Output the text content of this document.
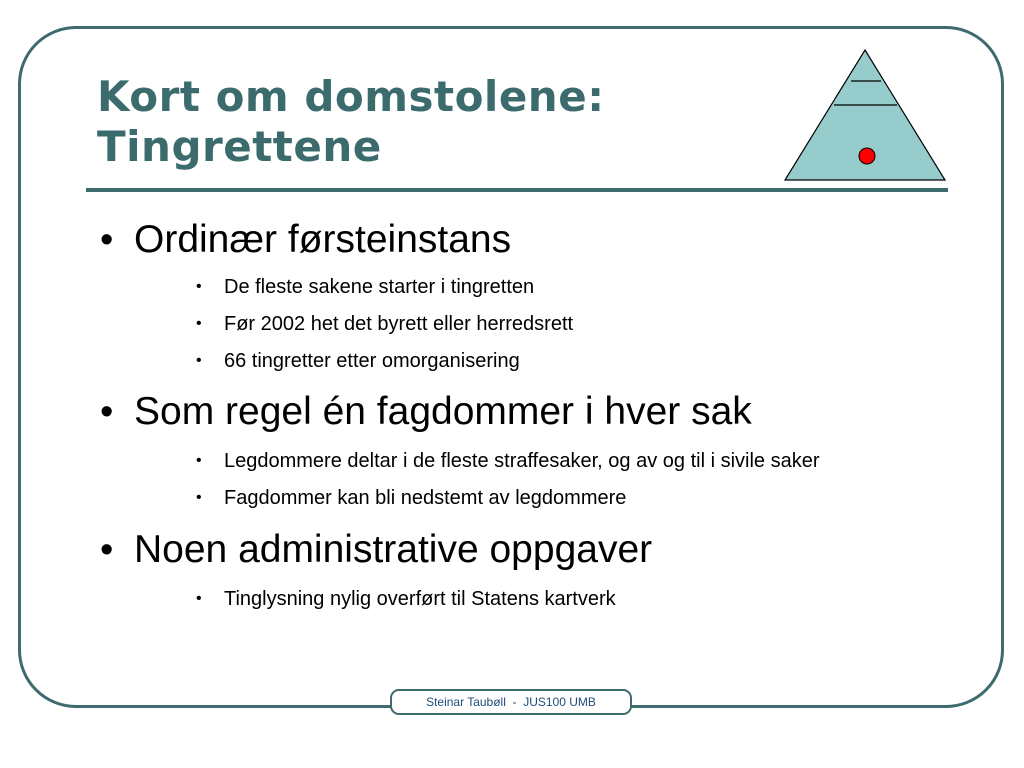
Kort om domstolene:
Tingrettene
• Ordinær førsteinstans
• De fleste sakene starter i tingretten
• Før 2002 het det byrett eller herredsrett
• 66 tingretter etter omorganisering
• Som regel én fagdommer i hver sak
• Legdommere deltar i de fleste straffesaker, og av og til i sivile saker
• Fagdommer kan bli nedstemt av legdommere
• Noen administrative oppgaver
• Tinglysning nylig overført til Statens kartverk
Steinar Taubøll  -  JUS100 UMB
